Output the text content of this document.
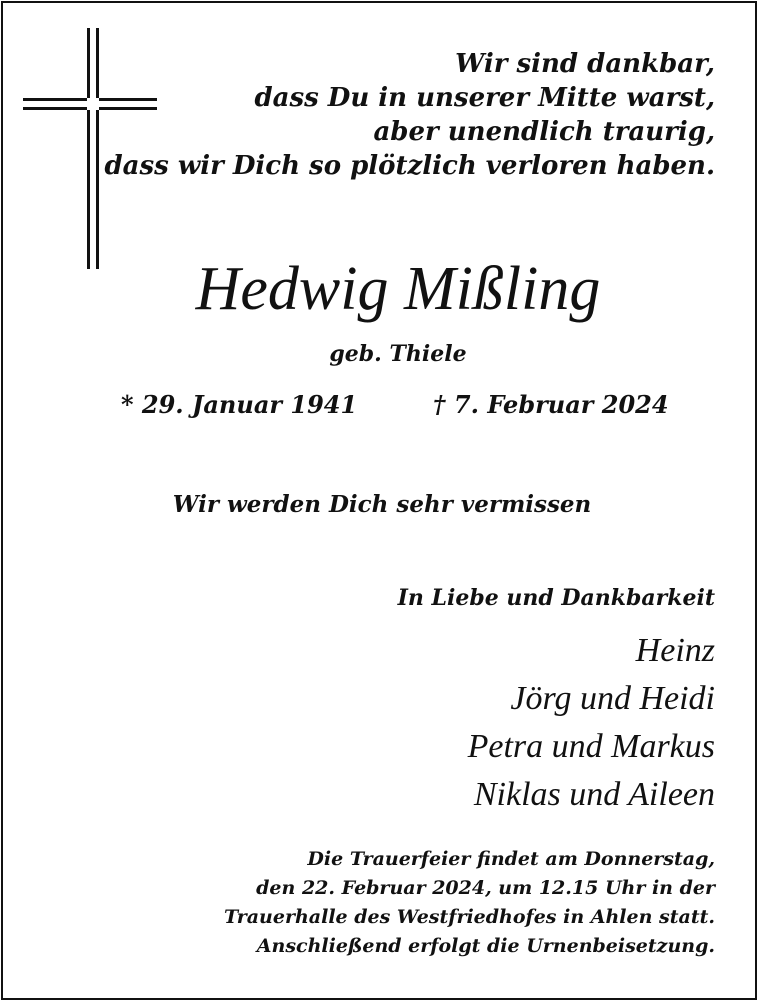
Wir sind dankbar,
dass Du in unserer Mitte warst,
aber unendlich traurig,
dass wir Dich so plötzlich verloren haben.
Hedwig Mißling
geb. Thiele
* 29. Januar 1941	† 7. Februar 2024
Wir werden Dich sehr vermissen
In Liebe und Dankbarkeit
Heinz
Jörg und Heidi
Petra und Markus
Niklas und Aileen
Die Trauerfeier findet am Donnerstag,
den 22. Februar 2024, um 12.15 Uhr in der
Trauerhalle des Westfriedhofes in Ahlen statt.
Anschließend erfolgt die Urnenbeisetzung.
